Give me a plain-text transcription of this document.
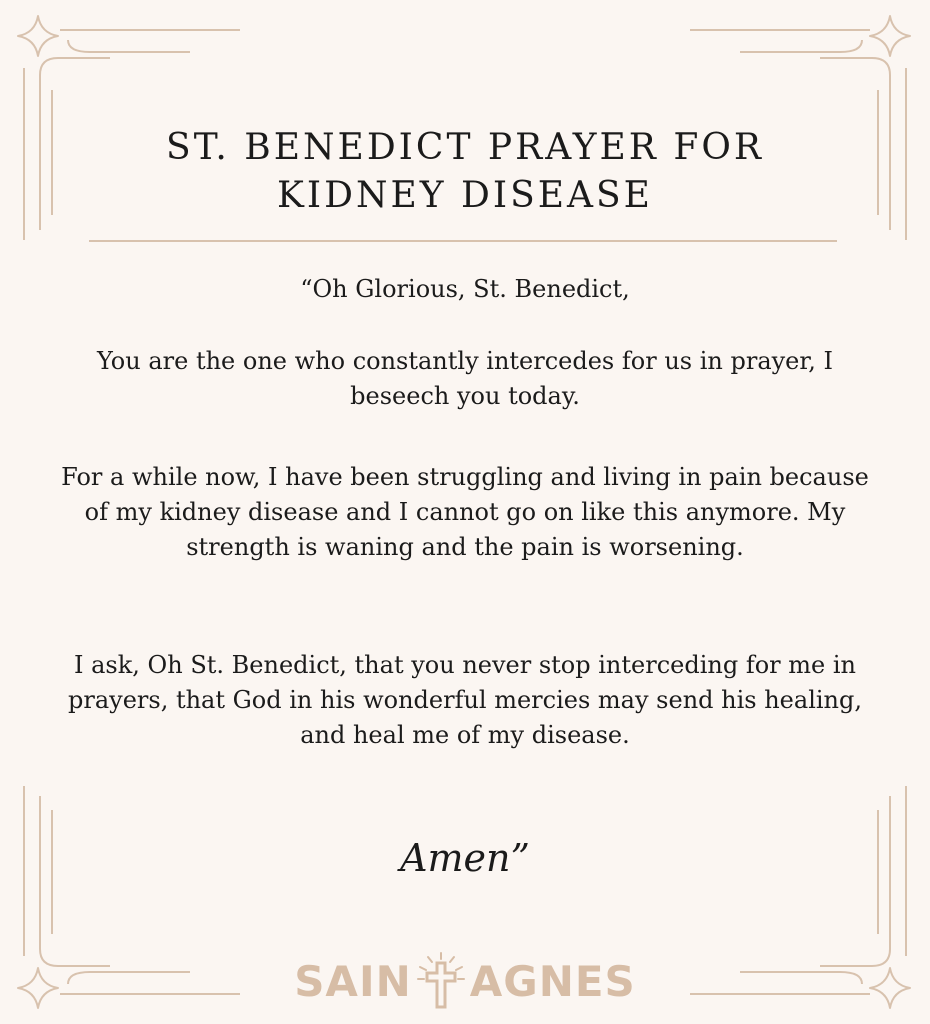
ST. BENEDICT PRAYER FOR
KIDNEY DISEASE

“Oh Glorious, St. Benedict,

You are the one who constantly intercedes for us in prayer, I beseech you today.

For a while now, I have been struggling and living in pain because of my kidney disease and I cannot go on like this anymore. My strength is waning and the pain is worsening.

I ask, Oh St. Benedict, that you never stop interceding for me in prayers, that God in his wonderful mercies may send his healing, and heal me of my disease.

Amen”
SAIN AGNES
